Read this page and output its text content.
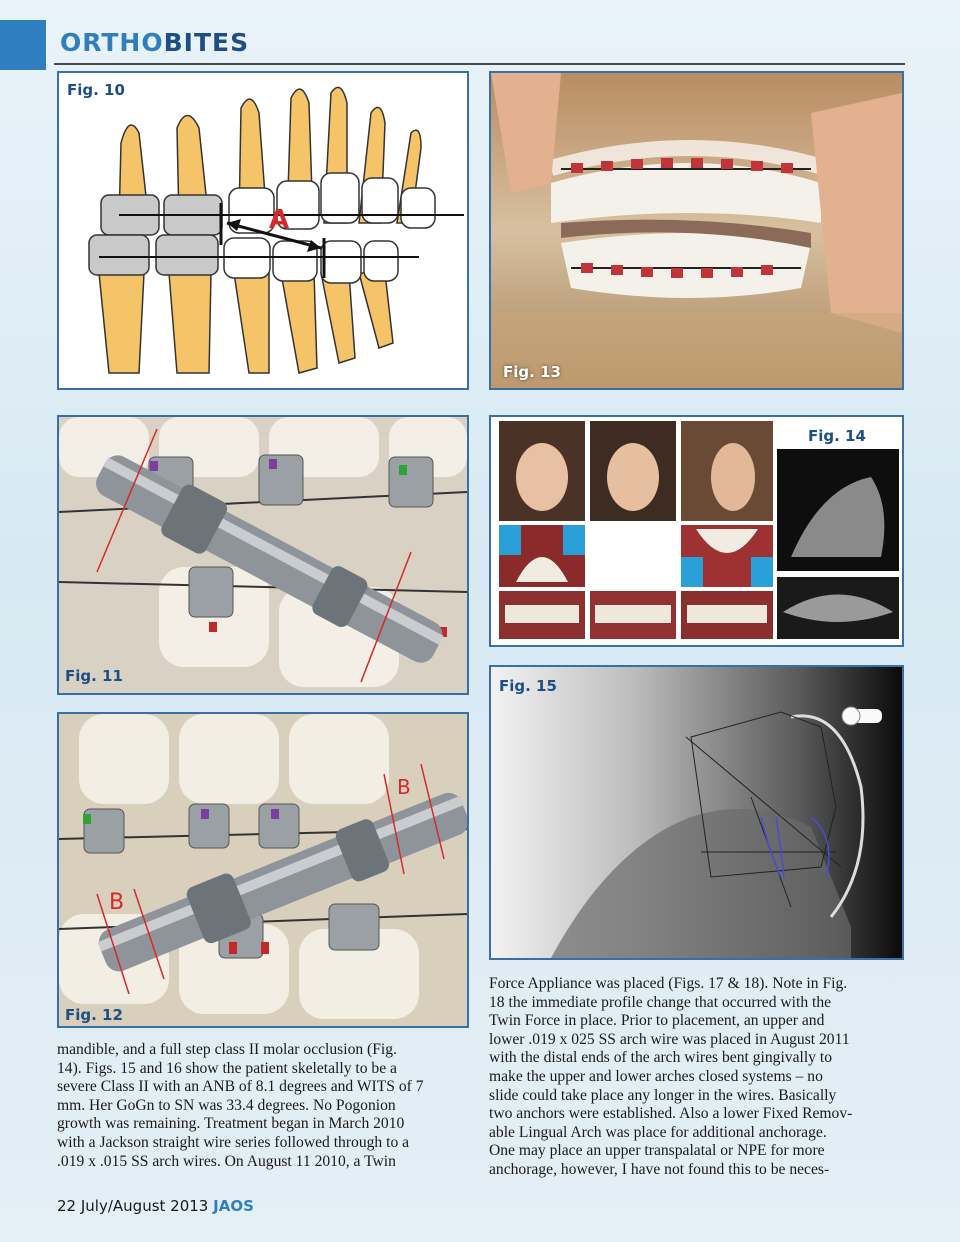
ORTHOBITES
A
Fig. 10
Fig. 13
Fig. 11
Fig. 14
B
B
Fig. 12
Fig. 15
mandible, and a full step class II molar occlusion (Fig.
14). Figs. 15 and 16 show the patient skeletally to be a
severe Class II with an ANB of 8.1 degrees and WITS of 7
mm. Her GoGn to SN was 33.4 degrees. No Pogonion
growth was remaining. Treatment began in March 2010
with a Jackson straight wire series followed through to a
.019 x .015 SS arch wires. On August 11 2010, a Twin
Force Appliance was placed (Figs. 17 & 18). Note in Fig.
18 the immediate profile change that occurred with the
Twin Force in place. Prior to placement, an upper and
lower .019 x 025 SS arch wire was placed in August 2011
with the distal ends of the arch wires bent gingivally to
make the upper and lower arches closed systems – no
slide could take place any longer in the wires. Basically
two anchors were established. Also a lower Fixed Remov-
able Lingual Arch was place for additional anchorage.
One may place an upper transpalatal or NPE for more
anchorage, however, I have not found this to be neces-
22 July/August 2013 JAOS
